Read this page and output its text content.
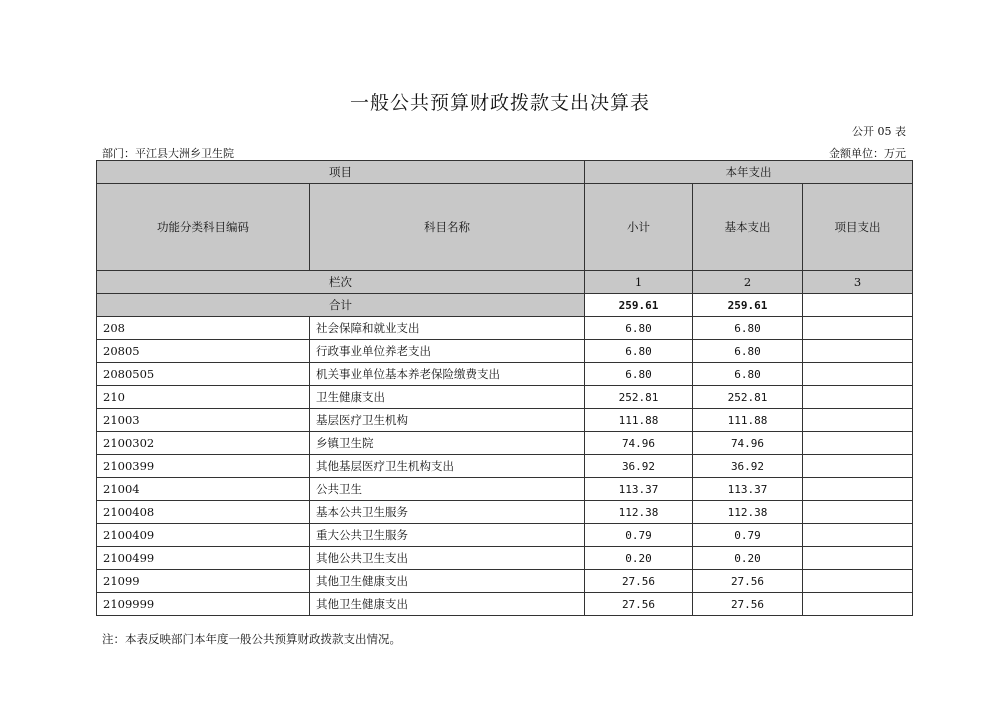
一般公共预算财政拨款支出决算表
公开 05 表
部门：平江县大洲乡卫生院	金额单位：万元
项目		本年支出		
功能分类科目编码	科目名称	小计	基本支出	项目支出
栏次		1	2	3
合计		259.61	259.61	
208	社会保障和就业支出	6.80	6.80	
20805	行政事业单位养老支出	6.80	6.80	
2080505	机关事业单位基本养老保险缴费支出	6.80	6.80	
210	卫生健康支出	252.81	252.81	
21003	基层医疗卫生机构	111.88	111.88	
2100302	乡镇卫生院	74.96	74.96	
2100399	其他基层医疗卫生机构支出	36.92	36.92	
21004	公共卫生	113.37	113.37	
2100408	基本公共卫生服务	112.38	112.38	
2100409	重大公共卫生服务	0.79	0.79	
2100499	其他公共卫生支出	0.20	0.20	
21099	其他卫生健康支出	27.56	27.56	
2109999	其他卫生健康支出	27.56	27.56	
注：本表反映部门本年度一般公共预算财政拨款支出情况。
